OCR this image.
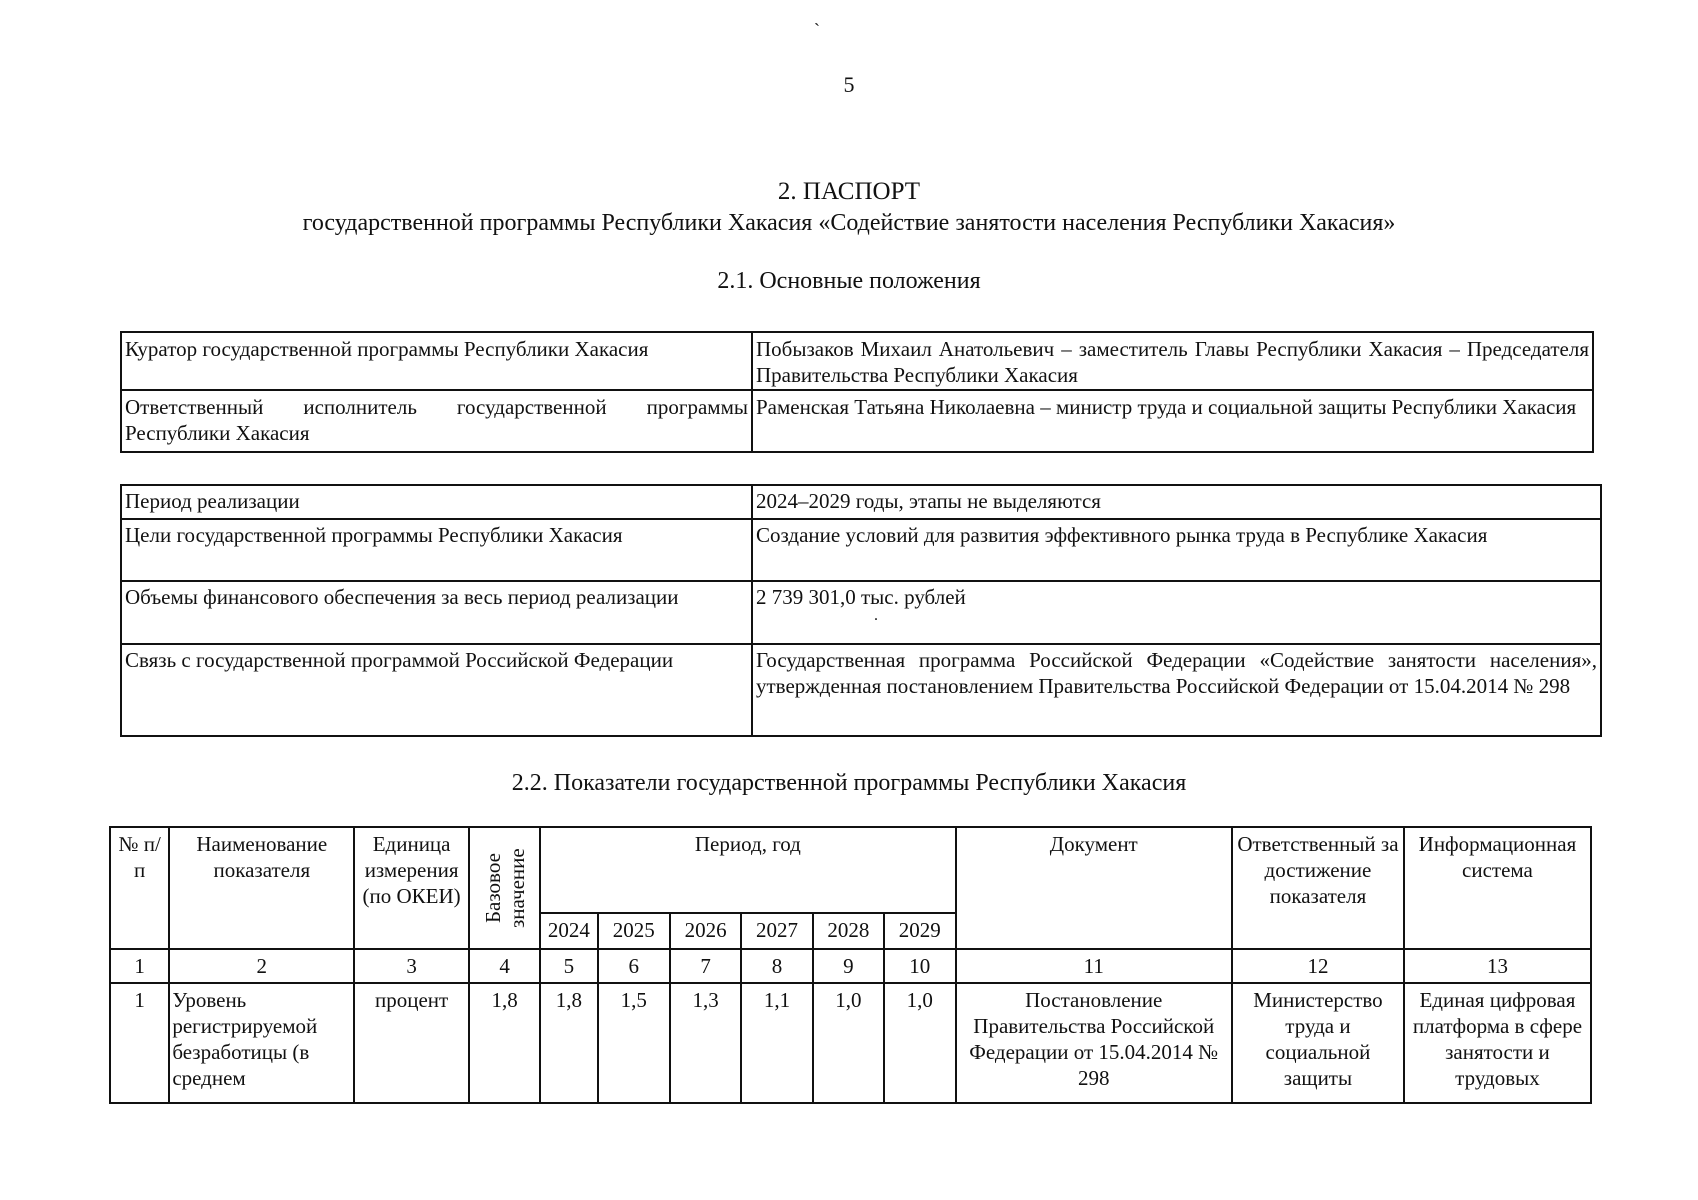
`
5
2. ПАСПОРТ
государственной программы Республики Хакасия «Содействие занятости населения Республики Хакасия»
2.1. Основные положения
Куратор государственной программы Республики Хакасия	Побызаков Михаил Анатольевич – заместитель Главы Республики Хакасия – Председателя Правительства Республики Хакасия
Ответственный исполнитель государственной программы Республики Хакасия	Раменская Татьяна Николаевна – министр труда и социальной защиты Республики Хакасия
Период реализации	2024–2029 годы, этапы не выделяются
Цели государственной программы Республики Хакасия	Создание условий для развития эффективного рынка труда в Республике Хакасия
Объемы финансового обеспечения за весь период реализации	2 739 301,0 тыс. рублей
.

Связь с государственной программой Российской Федерации	Государственная программа Российской Федерации «Содействие занятости населения», утвержденная постановлением Правительства Российской Федерации от 15.04.2014 № 298
2.2. Показатели государственной программы Республики Хакасия
№ п/п	Наименование показателя	Единица измерения (по ОКЕИ)	Базовое значение	Период, год						Документ	Ответственный за достижение показателя	Информационная система
				2024	2025	2026	2027	2028	2029			
1	2	3	4	5	6	7	8	9	10	11	12	13
1	Уровень регистрируемой безработицы (в среднем	процент	1,8	1,8	1,5	1,3	1,1	1,0	1,0	Постановление Правительства Российской Федерации от 15.04.2014 № 298	Министерство труда и социальной защиты	Единая цифровая платформа в сфере занятости и трудовых
